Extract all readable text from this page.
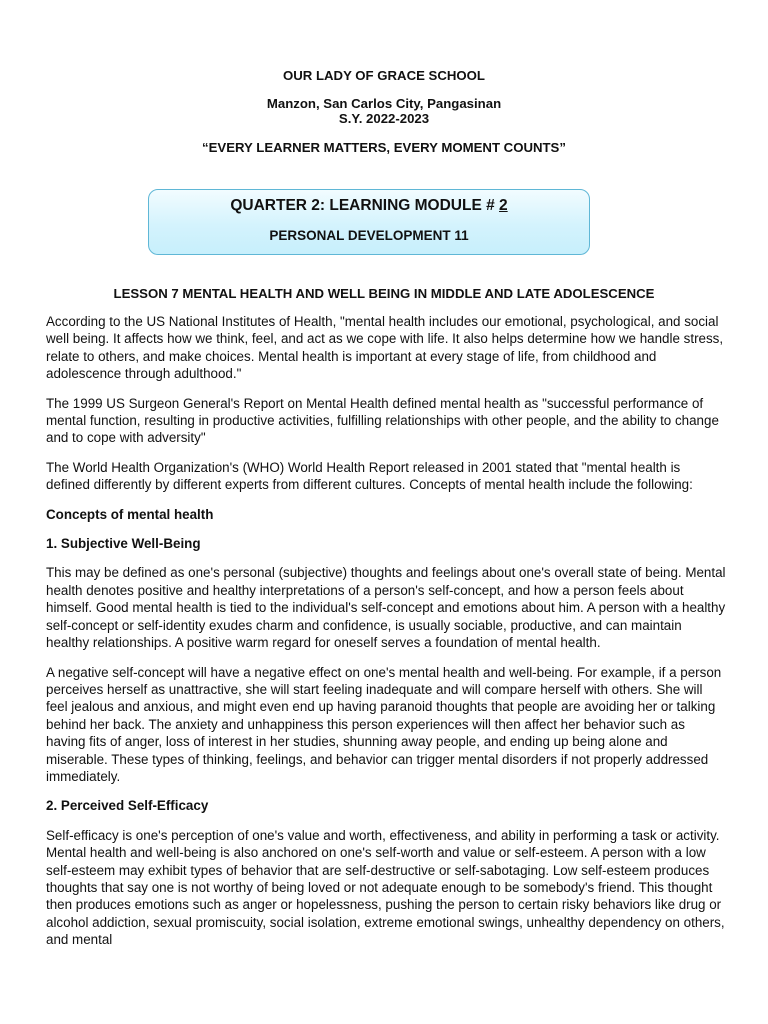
OUR LADY OF GRACE SCHOOL

Manzon, San Carlos City, Pangasinan

S.Y. 2022-2023

“EVERY LEARNER MATTERS, EVERY MOMENT COUNTS”

QUARTER 2: LEARNING MODULE # 2

PERSONAL DEVELOPMENT 11

LESSON 7 MENTAL HEALTH AND WELL BEING IN MIDDLE AND LATE ADOLESCENCE

According to the US National Institutes of Health, "mental health includes our emotional, psychological, and social well being. It affects how we think, feel, and act as we cope with life. It also helps determine how we handle stress, relate to others, and make choices. Mental health is important at every stage of life, from childhood and adolescence through adulthood."

The 1999 US Surgeon General's Report on Mental Health defined mental health as "successful performance of mental function, resulting in productive activities, fulfilling relationships with other people, and the ability to change and to cope with adversity"

The World Health Organization's (WHO) World Health Report released in 2001 stated that "mental health is defined differently by different experts from different cultures. Concepts of mental health include the following:

Concepts of mental health
1. Subjective Well-Being

This may be defined as one's personal (subjective) thoughts and feelings about one's overall state of being. Mental health denotes positive and healthy interpretations of a person's self-concept, and how a person feels about himself. Good mental health is tied to the individual's self-concept and emotions about him. A person with a healthy self-concept or self-identity exudes charm and confidence, is usually sociable, productive, and can maintain healthy relationships. A positive warm regard for oneself serves a foundation of mental health.

A negative self-concept will have a negative effect on one's mental health and well-being. For example, if a person perceives herself as unattractive, she will start feeling inadequate and will compare herself with others. She will feel jealous and anxious, and might even end up having paranoid thoughts that people are avoiding her or talking behind her back. The anxiety and unhappiness this person experiences will then affect her behavior such as having fits of anger, loss of interest in her studies, shunning away people, and ending up being alone and miserable. These types of thinking, feelings, and behavior can trigger mental disorders if not properly addressed immediately.

2. Perceived Self-Efficacy

Self-efficacy is one's perception of one's value and worth, effectiveness, and ability in performing a task or activity. Mental health and well-being is also anchored on one's self-worth and value or self-esteem. A person with a low self-esteem may exhibit types of behavior that are self-destructive or self-sabotaging. Low self-esteem produces thoughts that say one is not worthy of being loved or not adequate enough to be somebody's friend. This thought then produces emotions such as anger or hopelessness, pushing the person to certain risky behaviors like drug or alcohol addiction, sexual promiscuity, social isolation, extreme emotional swings, unhealthy dependency on others, and mental
